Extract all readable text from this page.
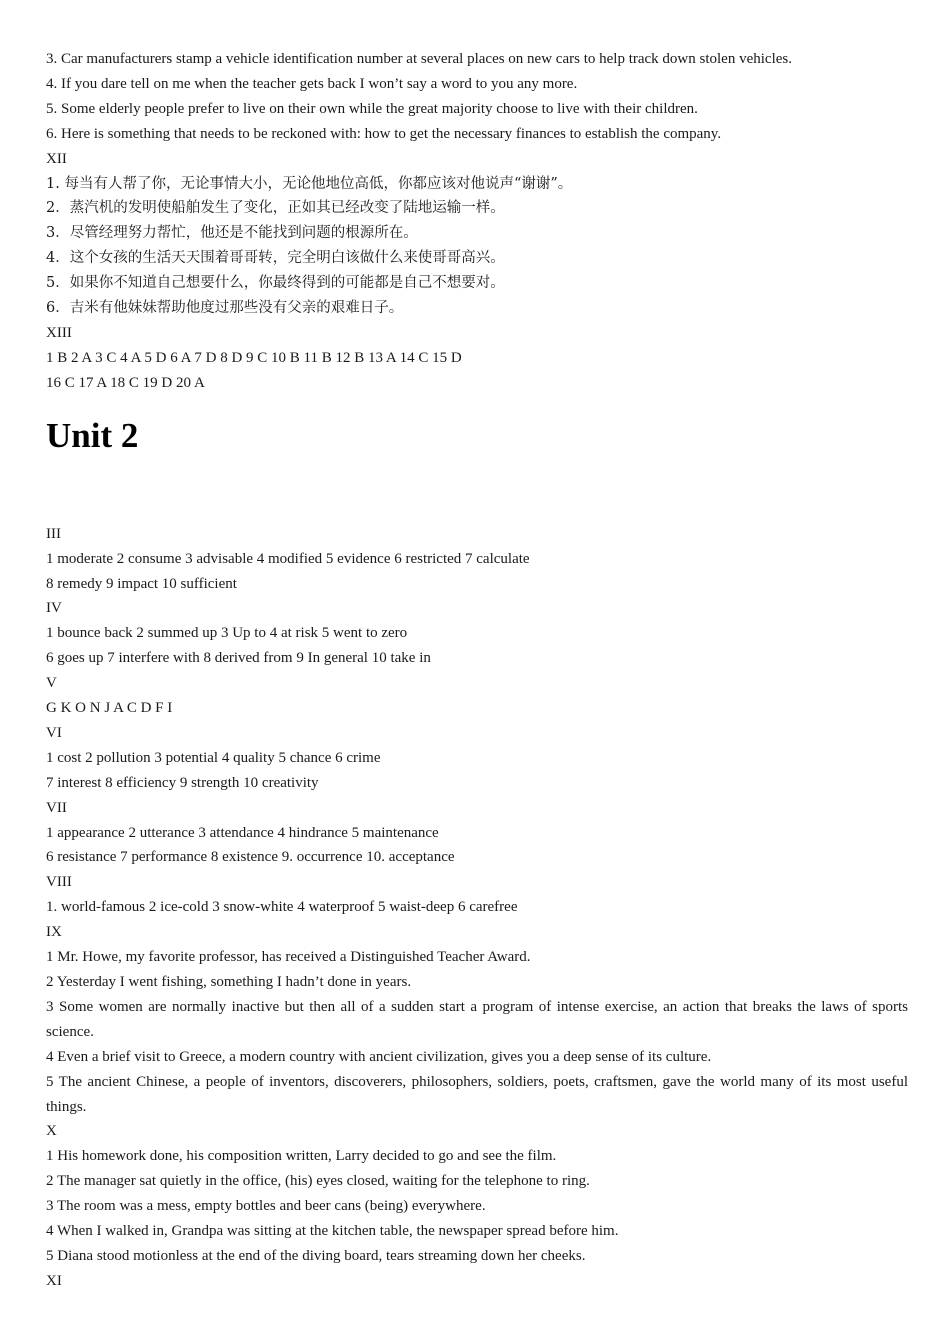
3. Car manufacturers stamp a vehicle identification number at several places on new cars to help track down stolen vehicles.

4. If you dare tell on me when the teacher gets back I won’t say a word to you any more.

5. Some elderly people prefer to live on their own while the great majority choose to live with their children.

6. Here is something that needs to be reckoned with: how to get the necessary finances to establish the company.

XII

1. 每当有人帮了你，无论事情大小，无论他地位高低，你都应该对他说声“谢谢”。

2．蒸汽机的发明使船舶发生了变化，正如其已经改变了陆地运输一样。

3．尽管经理努力帮忙，他还是不能找到问题的根源所在。

4．这个女孩的生活天天围着哥哥转，完全明白该做什么来使哥哥高兴。

5．如果你不知道自己想要什么，你最终得到的可能都是自己不想要对。

6．吉米有他妹妹帮助他度过那些没有父亲的艰难日子。

XIII

1 B 2 A 3 C 4 A 5 D 6 A 7 D 8 D 9 C 10 B 11 B 12 B 13 A 14 C 15 D

16 C 17 A 18 C 19 D 20 A

Unit 2

III

1 moderate 2 consume 3 advisable 4 modified 5 evidence 6 restricted 7 calculate

8 remedy 9 impact 10 sufficient

IV

1 bounce back 2 summed up 3 Up to 4 at risk 5 went to zero

6 goes up 7 interfere with 8 derived from 9 In general 10 take in

V

G K O N J A C D F I

VI

1 cost 2 pollution 3 potential 4 quality 5 chance 6 crime

7 interest 8 efficiency 9 strength 10 creativity

VII

1 appearance 2 utterance 3 attendance 4 hindrance 5 maintenance

6 resistance 7 performance 8 existence 9. occurrence 10. acceptance

VIII

1. world-famous 2 ice-cold 3 snow-white 4 waterproof 5 waist-deep 6 carefree

IX

1 Mr. Howe, my favorite professor, has received a Distinguished Teacher Award.

2 Yesterday I went fishing, something I hadn’t done in years.

3 Some women are normally inactive but then all of a sudden start a program of intense exercise, an action that breaks the laws of sports science.

4 Even a brief visit to Greece, a modern country with ancient civilization, gives you a deep sense of its culture.

5 The ancient Chinese, a people of inventors, discoverers, philosophers, soldiers, poets, craftsmen, gave the world many of its most useful things.

X

1 His homework done, his composition written, Larry decided to go and see the film.

2 The manager sat quietly in the office, (his) eyes closed, waiting for the telephone to ring.

3 The room was a mess, empty bottles and beer cans (being) everywhere.

4 When I walked in, Grandpa was sitting at the kitchen table, the newspaper spread before him.

5 Diana stood motionless at the end of the diving board, tears streaming down her cheeks.

XI
